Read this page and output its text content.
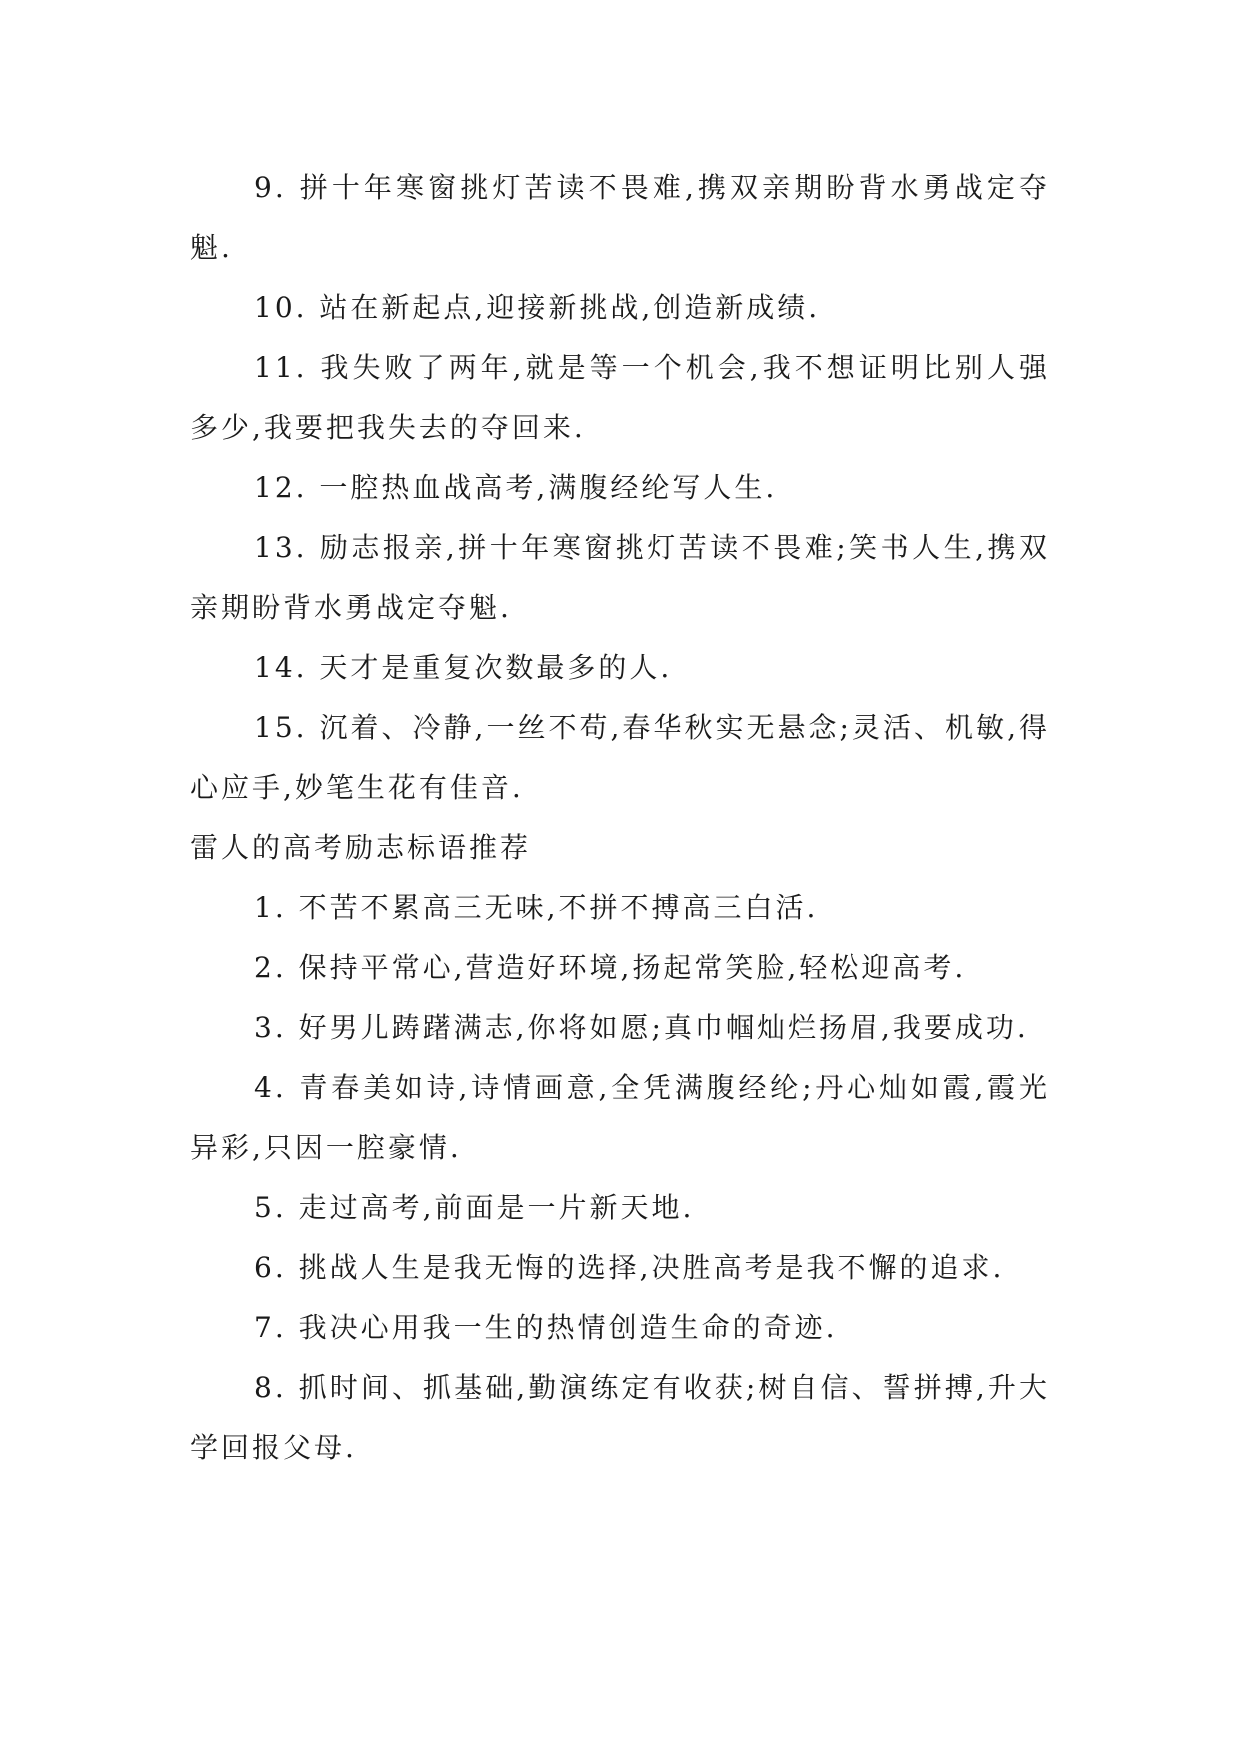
9. 拼十年寒窗挑灯苦读不畏难,携双亲期盼背水勇战定夺魁.

10. 站在新起点,迎接新挑战,创造新成绩.

11. 我失败了两年,就是等一个机会,我不想证明比别人强多少,我要把我失去的夺回来.

12. 一腔热血战高考,满腹经纶写人生.

13. 励志报亲,拼十年寒窗挑灯苦读不畏难;笑书人生,携双亲期盼背水勇战定夺魁.

14. 天才是重复次数最多的人.

15. 沉着、冷静,一丝不苟,春华秋实无悬念;灵活、机敏,得心应手,妙笔生花有佳音.

雷人的高考励志标语推荐

1. 不苦不累高三无味,不拼不搏高三白活.

2. 保持平常心,营造好环境,扬起常笑脸,轻松迎高考.

3. 好男儿踌躇满志,你将如愿;真巾帼灿烂扬眉,我要成功.

4. 青春美如诗,诗情画意,全凭满腹经纶;丹心灿如霞,霞光异彩,只因一腔豪情.

5. 走过高考,前面是一片新天地.

6. 挑战人生是我无悔的选择,决胜高考是我不懈的追求.

7. 我决心用我一生的热情创造生命的奇迹.

8. 抓时间、抓基础,勤演练定有收获;树自信、誓拼搏,升大学回报父母.
